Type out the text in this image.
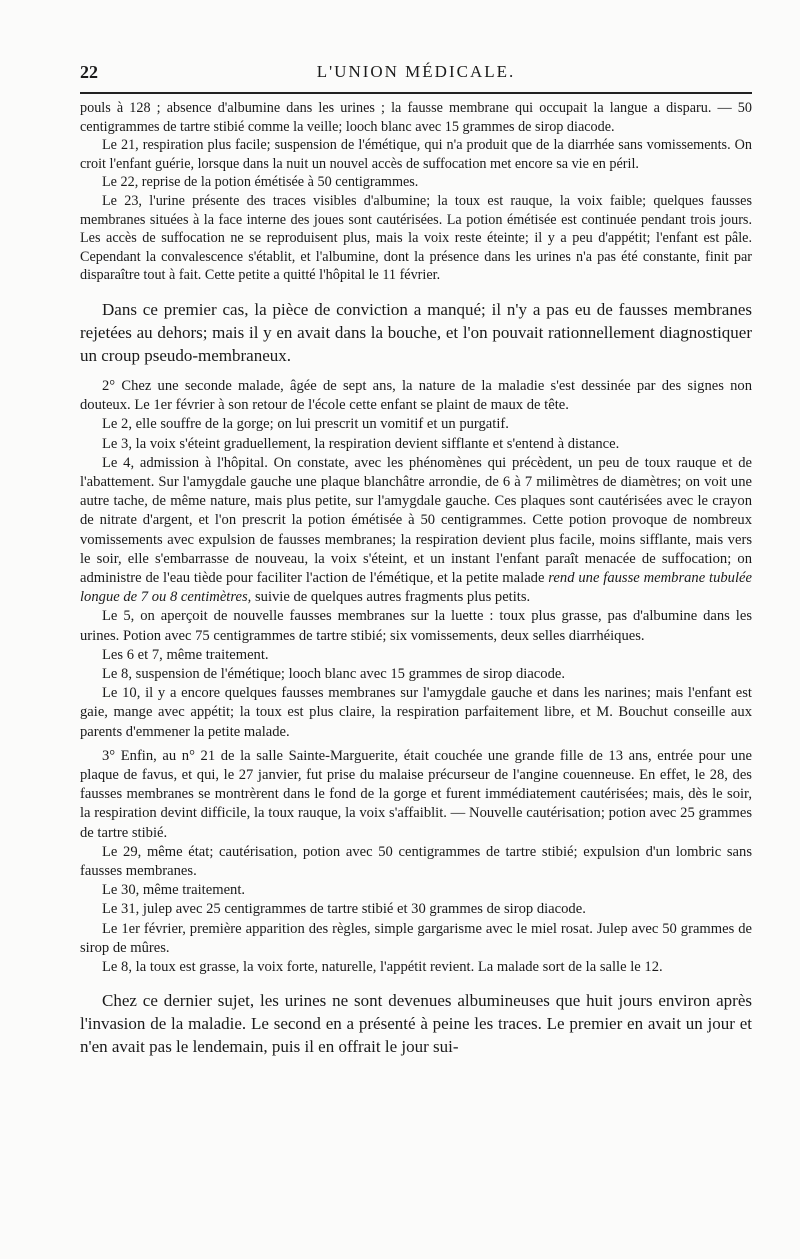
22	L'UNION MÉDICALE.

pouls à 128 ; absence d'albumine dans les urines ; la fausse membrane qui occupait la langue a disparu. — 50 centigrammes de tartre stibié comme la veille; looch blanc avec 15 grammes de sirop diacode.

Le 21, respiration plus facile; suspension de l'émétique, qui n'a produit que de la diarrhée sans vomissements. On croit l'enfant guérie, lorsque dans la nuit un nouvel accès de suffocation met encore sa vie en péril.

Le 22, reprise de la potion émétisée à 50 centigrammes.

Le 23, l'urine présente des traces visibles d'albumine; la toux est rauque, la voix faible; quelques fausses membranes situées à la face interne des joues sont cautérisées. La potion émétisée est continuée pendant trois jours. Les accès de suffocation ne se reproduisent plus, mais la voix reste éteinte; il y a peu d'appétit; l'enfant est pâle. Cependant la convalescence s'établit, et l'albumine, dont la présence dans les urines n'a pas été constante, finit par disparaître tout à fait. Cette petite a quitté l'hôpital le 11 février.

Dans ce premier cas, la pièce de conviction a manqué; il n'y a pas eu de fausses membranes rejetées au dehors; mais il y en avait dans la bouche, et l'on pouvait rationnellement diagnostiquer un croup pseudo-membraneux.

2° Chez une seconde malade, âgée de sept ans, la nature de la maladie s'est dessinée par des signes non douteux. Le 1er février à son retour de l'école cette enfant se plaint de maux de tête.

Le 2, elle souffre de la gorge; on lui prescrit un vomitif et un purgatif.

Le 3, la voix s'éteint graduellement, la respiration devient sifflante et s'entend à distance.

Le 4, admission à l'hôpital. On constate, avec les phénomènes qui précèdent, un peu de toux rauque et de l'abattement. Sur l'amygdale gauche une plaque blanchâtre arrondie, de 6 à 7 milimètres de diamètres; on voit une autre tache, de même nature, mais plus petite, sur l'amygdale gauche. Ces plaques sont cautérisées avec le crayon de nitrate d'argent, et l'on prescrit la potion émétisée à 50 centigrammes. Cette potion provoque de nombreux vomissements avec expulsion de fausses membranes; la respiration devient plus facile, moins sifflante, mais vers le soir, elle s'embarrasse de nouveau, la voix s'éteint, et un instant l'enfant paraît menacée de suffocation; on administre de l'eau tiède pour faciliter l'action de l'émétique, et la petite malade rend une fausse membrane tubulée longue de 7 ou 8 centimètres, suivie de quelques autres fragments plus petits.

Le 5, on aperçoit de nouvelle fausses membranes sur la luette : toux plus grasse, pas d'albumine dans les urines. Potion avec 75 centigrammes de tartre stibié; six vomissements, deux selles diarrhéiques.

Les 6 et 7, même traitement.

Le 8, suspension de l'émétique; looch blanc avec 15 grammes de sirop diacode.

Le 10, il y a encore quelques fausses membranes sur l'amygdale gauche et dans les narines; mais l'enfant est gaie, mange avec appétit; la toux est plus claire, la respiration parfaitement libre, et M. Bouchut conseille aux parents d'emmener la petite malade.

3° Enfin, au n° 21 de la salle Sainte-Marguerite, était couchée une grande fille de 13 ans, entrée pour une plaque de favus, et qui, le 27 janvier, fut prise du malaise précurseur de l'angine couenneuse. En effet, le 28, des fausses membranes se montrèrent dans le fond de la gorge et furent immédiatement cautérisées; mais, dès le soir, la respiration devint difficile, la toux rauque, la voix s'affaiblit. — Nouvelle cautérisation; potion avec 25 grammes de tartre stibié.

Le 29, même état; cautérisation, potion avec 50 centigrammes de tartre stibié; expulsion d'un lombric sans fausses membranes.

Le 30, même traitement.

Le 31, julep avec 25 centigrammes de tartre stibié et 30 grammes de sirop diacode.

Le 1er février, première apparition des règles, simple gargarisme avec le miel rosat. Julep avec 50 grammes de sirop de mûres.

Le 8, la toux est grasse, la voix forte, naturelle, l'appétit revient. La malade sort de la salle le 12.

Chez ce dernier sujet, les urines ne sont devenues albumineuses que huit jours environ après l'invasion de la maladie. Le second en a présenté à peine les traces. Le premier en avait un jour et n'en avait pas le lendemain, puis il en offrait le jour sui-
